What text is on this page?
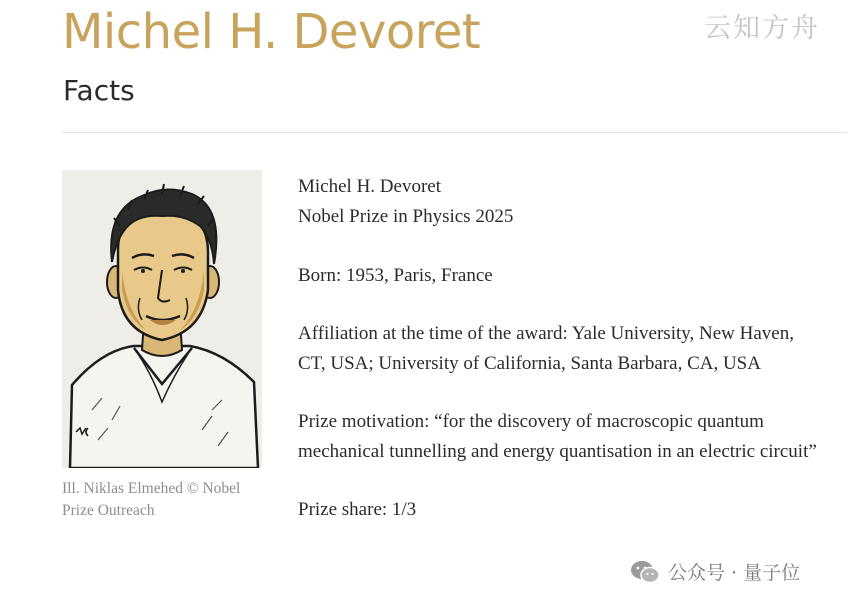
Michel H. Devoret
Facts
云知方舟
Ill. Niklas Elmehed © Nobel Prize Outreach

Michel H. Devoret

Nobel Prize in Physics 2025

Born: 1953, Paris, France

Affiliation at the time of the award: Yale University, New Haven, CT, USA; University of California, Santa Barbara, CA, USA

Prize motivation: “for the discovery of macroscopic quantum mechanical tunnelling and energy quantisation in an electric circuit”

Prize share: 1/3

公众号 · 量子位
